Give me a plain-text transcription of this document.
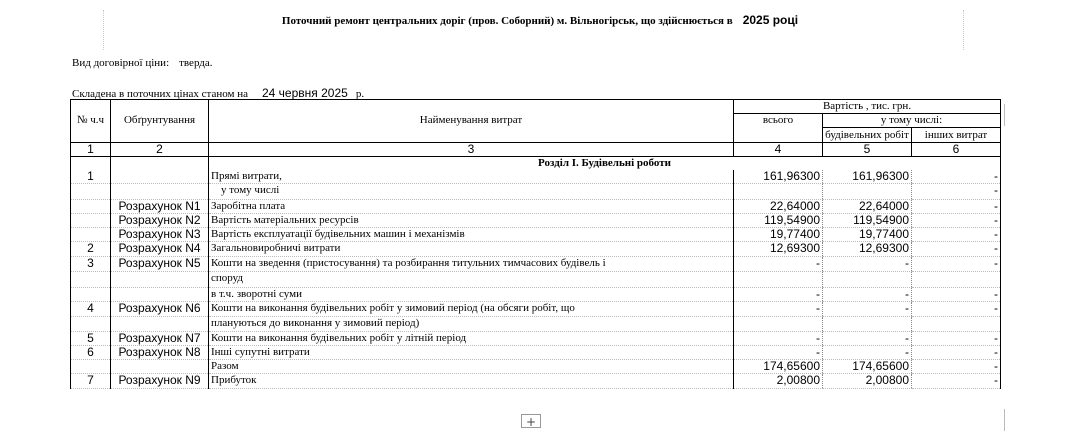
Поточний ремонт центральних доріг (пров. Соборний) м. Вільногірськ, що здійснюється в 2025 році
Вид договірної ціни: тверда.
Складена в поточних цінах станом на 24 червня 2025 р.
			Вартість , тис. грн.			
№ ч.ч	Обґрунтування	Найменування витрат	всього	у тому числі:		
				будівельних робіт	інших витрат	

1	2	3	4	5	6	
		Розділ І. Будівельні роботи				
1		Прямі витрати,	161,96300	161,96300	-	
		у тому числі			-	
	Розрахунок N1	Заробітна плата	22,64000	22,64000	-	
	Розрахунок N2	Вартість матеріальних ресурсів	119,54900	119,54900	-	
	Розрахунок N3	Вартість експлуатації будівельних машин і механізмів	19,77400	19,77400	-	
2	Розрахунок N4	Загальновиробничі витрати	12,69300	12,69300	-	
3	Розрахунок N5	Кошти на зведення (пристосування) та розбирання титульних тимчасових будівель і	-	-	-	
		споруд				
		в т.ч. зворотні суми	-	-	-	
4	Розрахунок N6	Кошти на виконання будівельних робіт у зимовий період (на обсяги робіт, що	-	-	-	
		плануються до виконання у зимовий період)				
5	Розрахунок N7	Кошти на виконання будівельних робіт у літній період	-	-	-	
6	Розрахунок N8	Інші супутні витрати	-	-	-	
		Разом	174,65600	174,65600	-	
7	Розрахунок N9	Прибуток	2,00800	2,00800	-	
+
